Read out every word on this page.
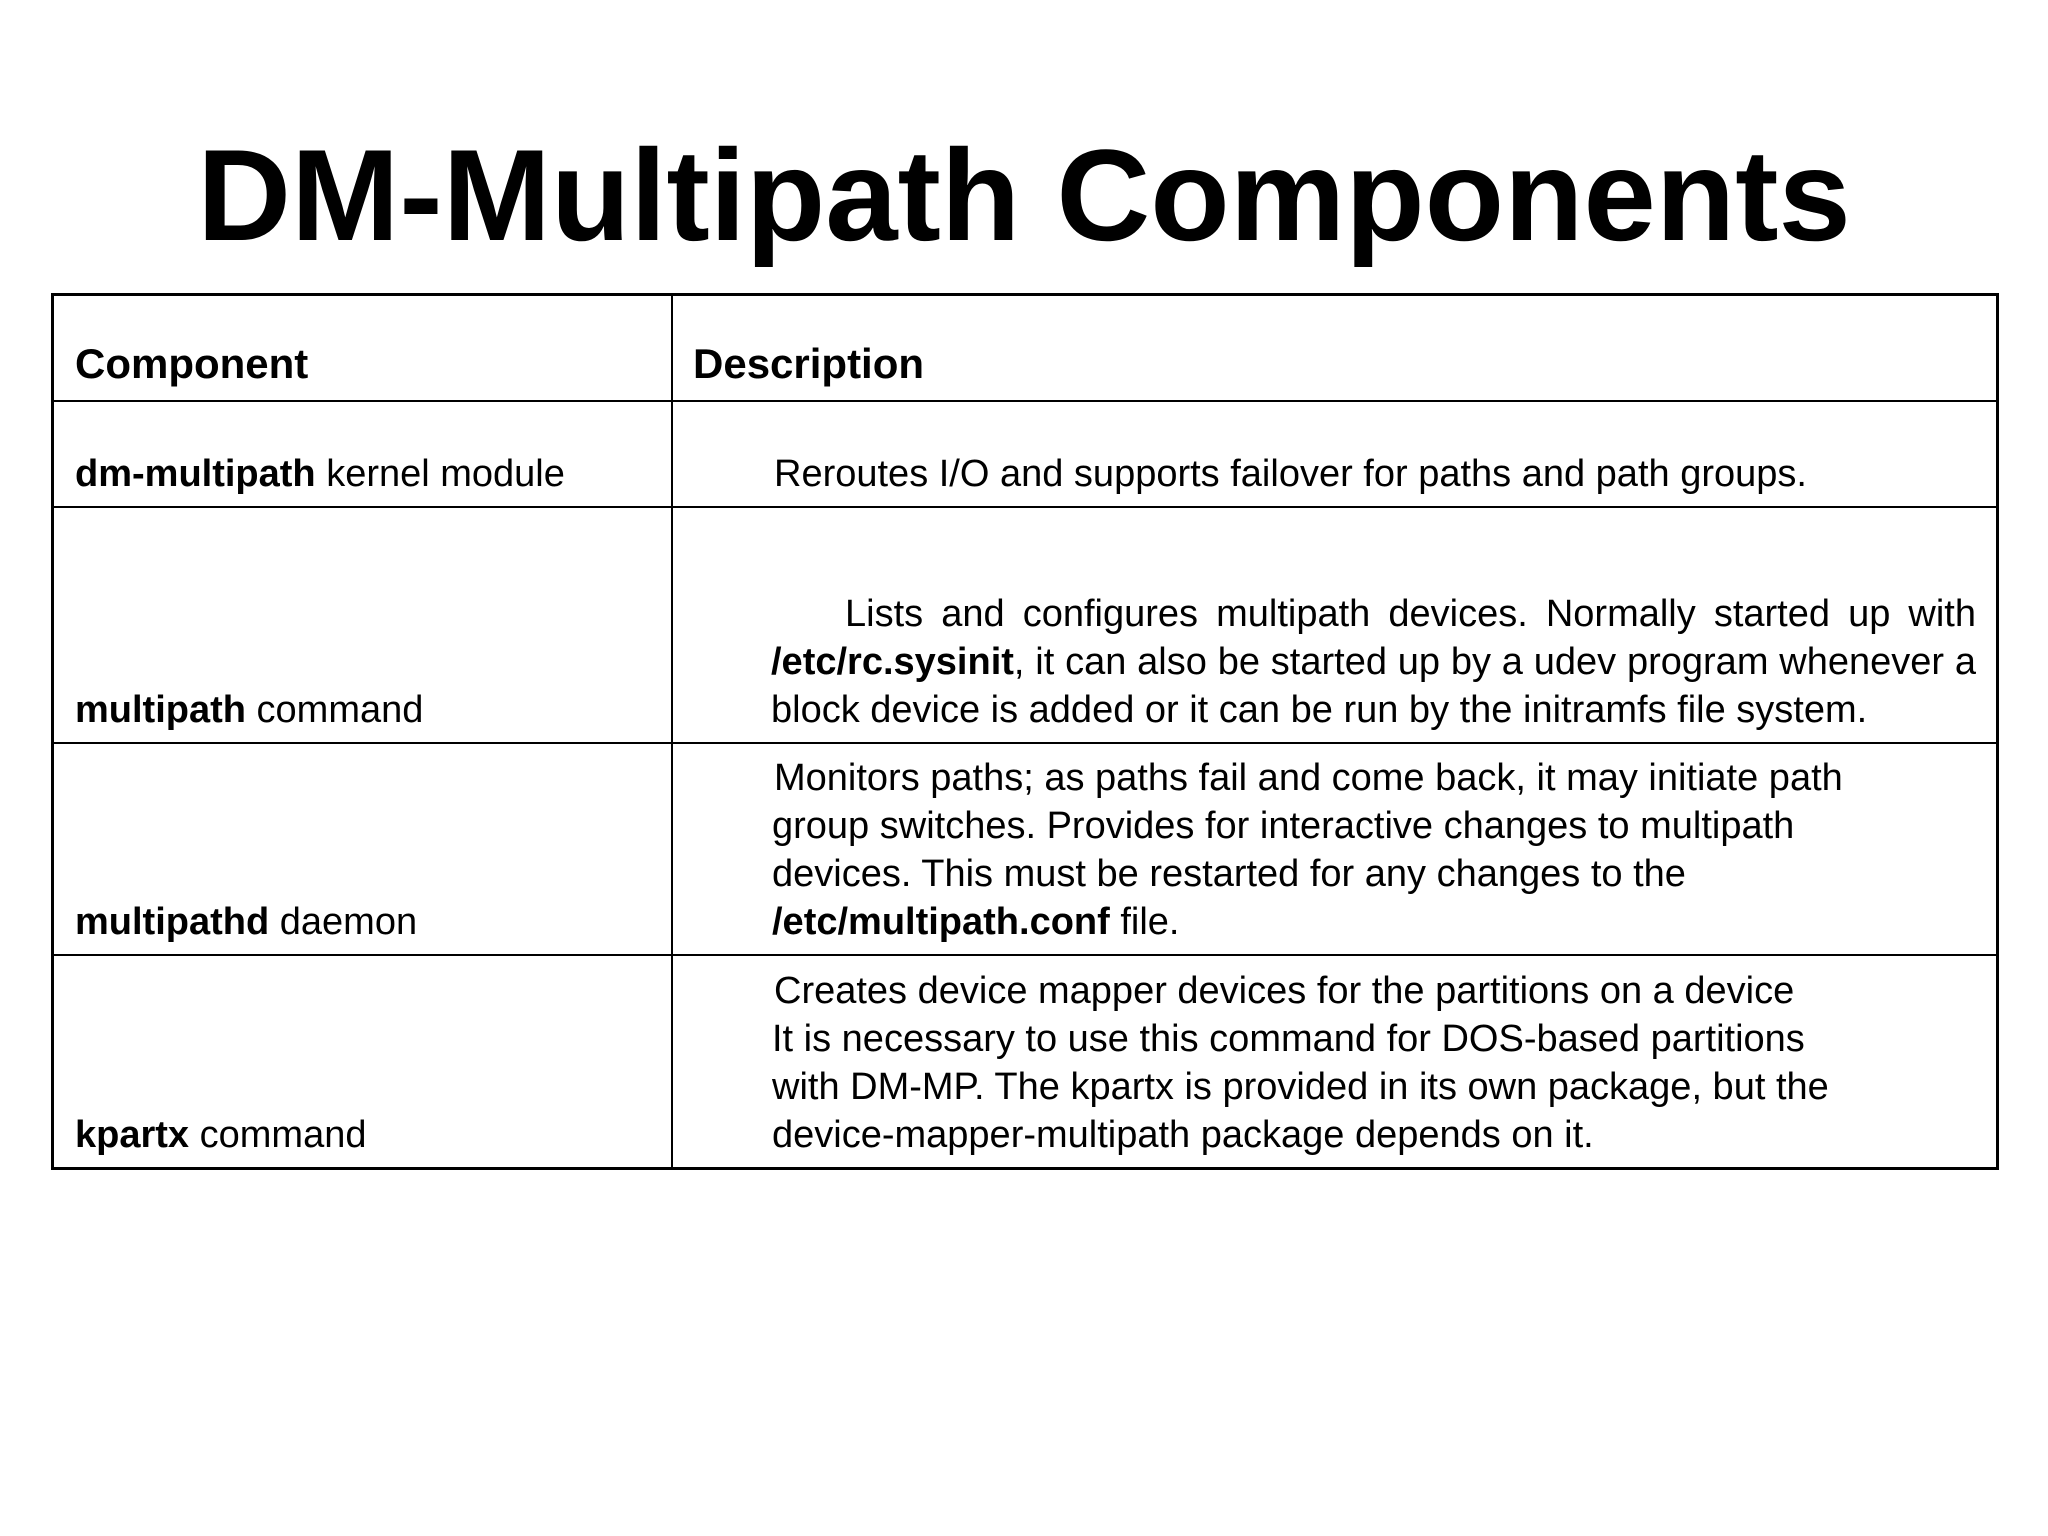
DM-Multipath Components
Component	Description
dm-multipath kernel module	Reroutes I/O and supports failover for paths and path groups.
multipath command
Lists and configures multipath devices. Normally started up with /etc/rc.sysinit, it can also be started up by a udev program whenever a block device is added or it can be run by the initramfs file system.
multipathd daemon
Monitors paths; as paths fail and come back, it may initiate path
group switches. Provides for interactive changes to multipath
devices. This must be restarted for any changes to the
/etc/multipath.conf file.
kpartx command
Creates device mapper devices for the partitions on a device
It is necessary to use this command for DOS-based partitions
with DM-MP. The kpartx is provided in its own package, but the
device-mapper-multipath package depends on it.
